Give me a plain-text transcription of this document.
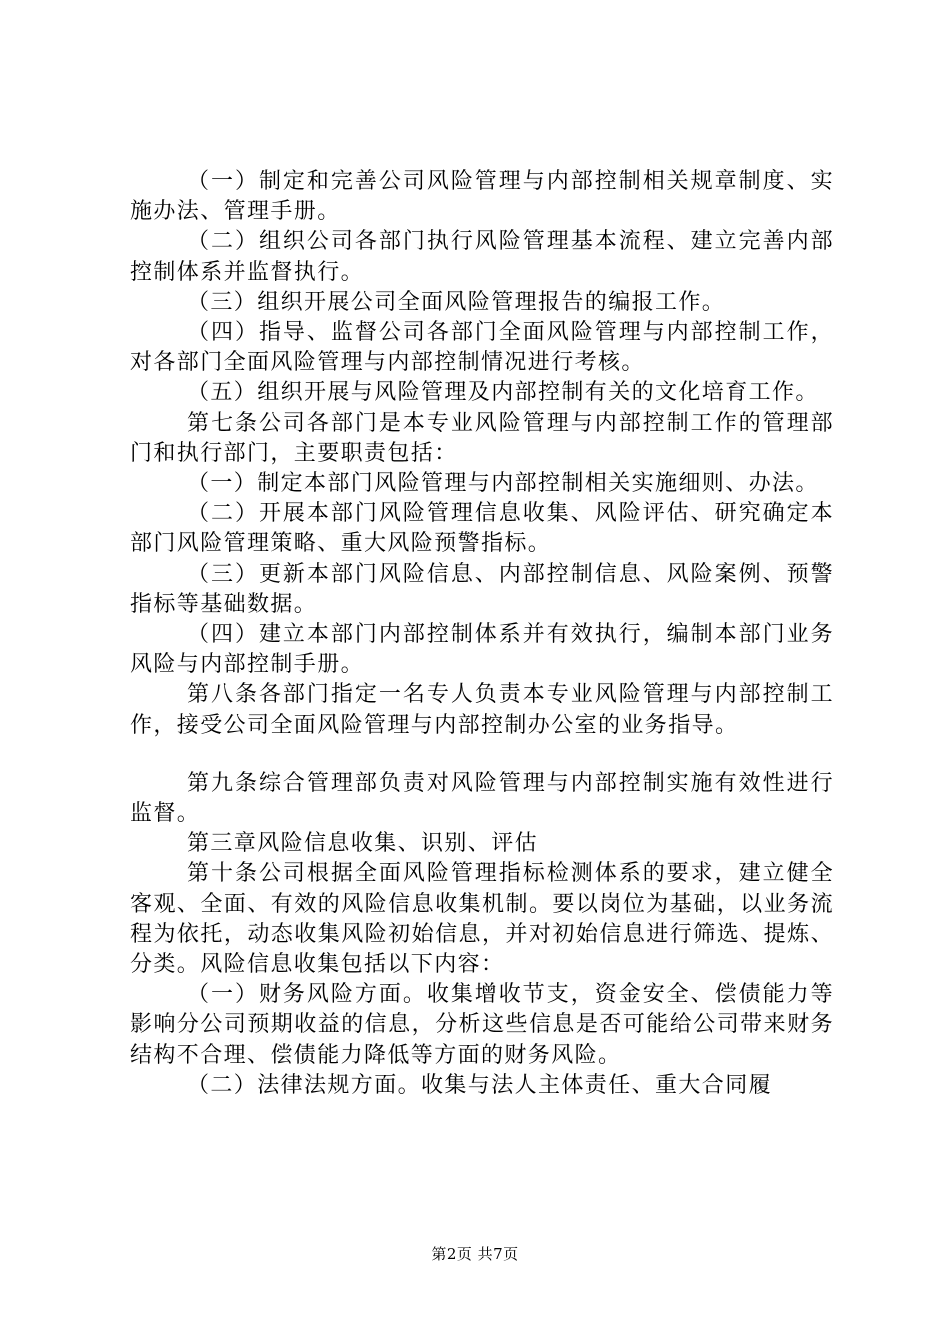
（一）制定和完善公司风险管理与内部控制相关规章制度、实施办法、管理手册。

（二）组织公司各部门执行风险管理基本流程、建立完善内部控制体系并监督执行。

（三）组织开展公司全面风险管理报告的编报工作。

（四）指导、监督公司各部门全面风险管理与内部控制工作，对各部门全面风险管理与内部控制情况进行考核。

（五）组织开展与风险管理及内部控制有关的文化培育工作。

第七条公司各部门是本专业风险管理与内部控制工作的管理部门和执行部门，主要职责包括：

（一）制定本部门风险管理与内部控制相关实施细则、办法。

（二）开展本部门风险管理信息收集、风险评估、研究确定本部门风险管理策略、重大风险预警指标。

（三）更新本部门风险信息、内部控制信息、风险案例、预警指标等基础数据。

（四）建立本部门内部控制体系并有效执行，编制本部门业务风险与内部控制手册。

第八条各部门指定一名专人负责本专业风险管理与内部控制工作，接受公司全面风险管理与内部控制办公室的业务指导。

第九条综合管理部负责对风险管理与内部控制实施有效性进行监督。

第三章风险信息收集、识别、评估

第十条公司根据全面风险管理指标检测体系的要求，建立健全客观、全面、有效的风险信息收集机制。要以岗位为基础，以业务流程为依托，动态收集风险初始信息，并对初始信息进行筛选、提炼、分类。风险信息收集包括以下内容：

（一）财务风险方面。收集增收节支，资金安全、偿债能力等影响分公司预期收益的信息，分析这些信息是否可能给公司带来财务结构不合理、偿债能力降低等方面的财务风险。

（二）法律法规方面。收集与法人主体责任、重大合同履

第2页 共7页
